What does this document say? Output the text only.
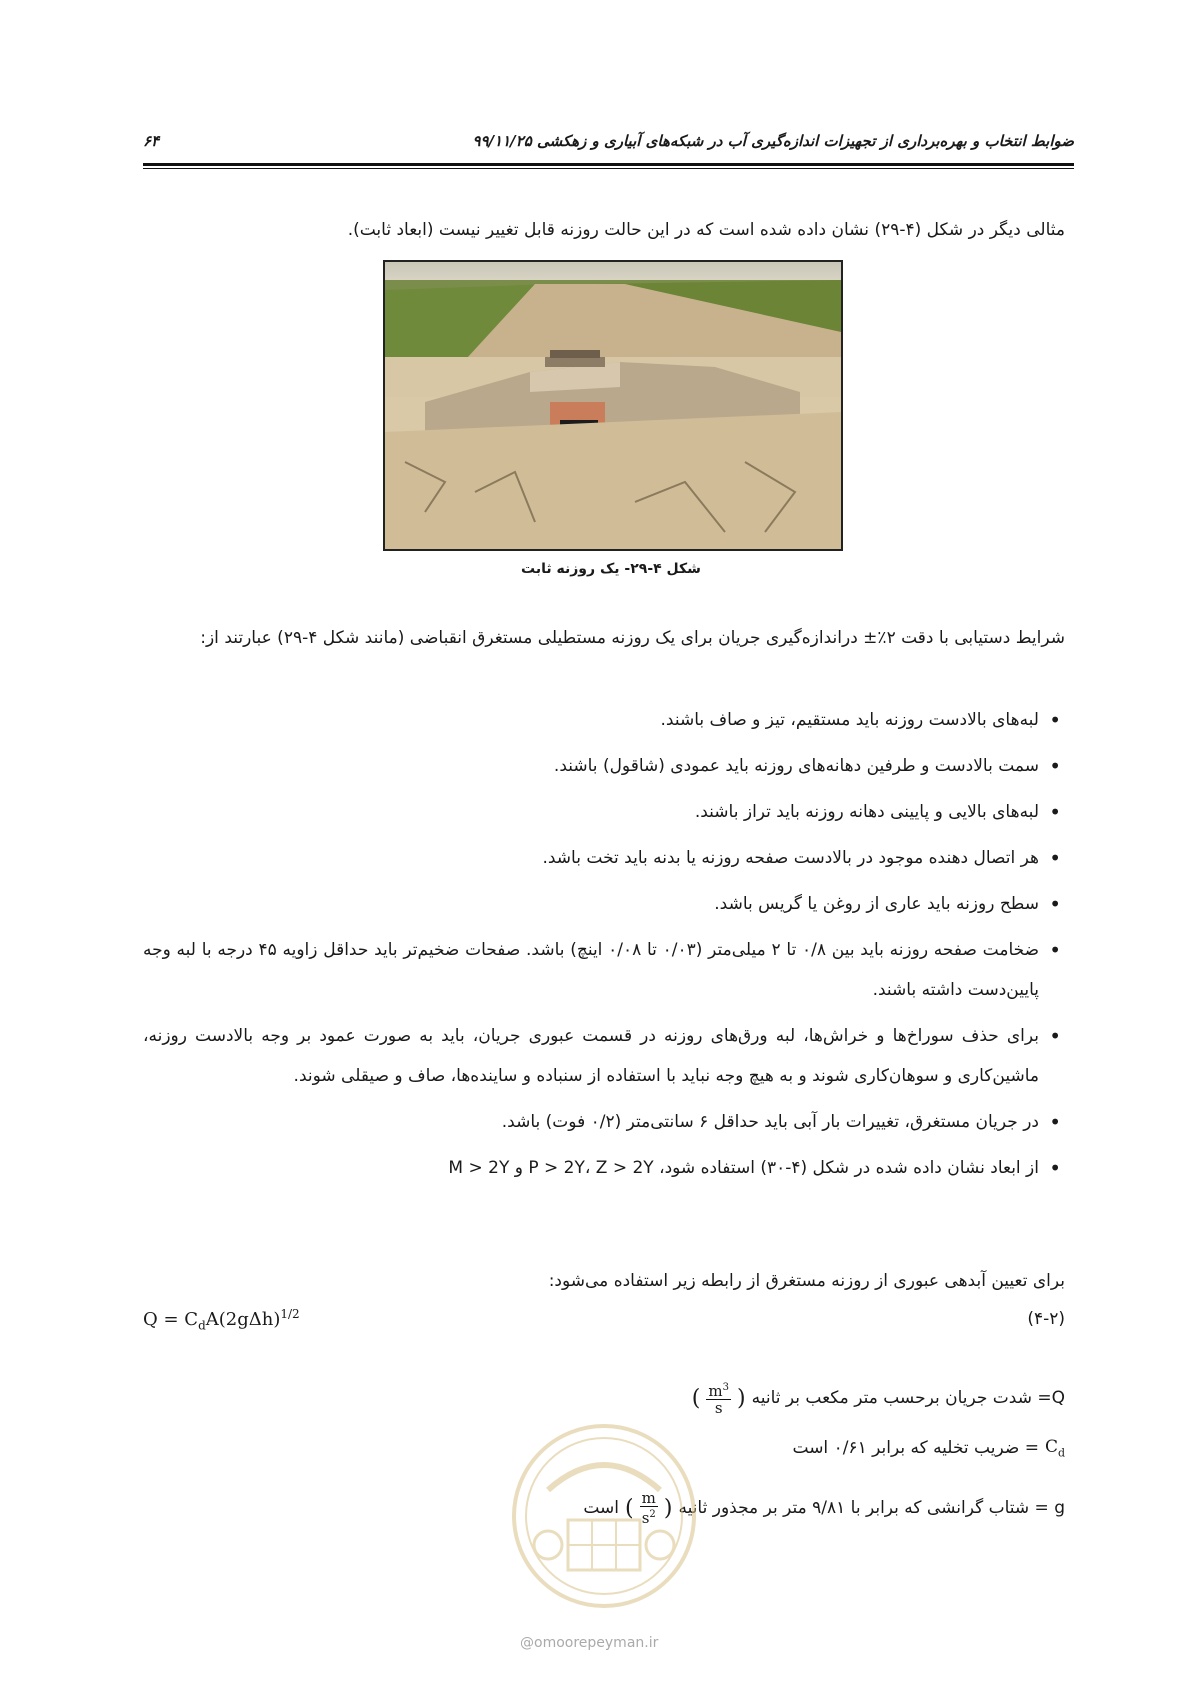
ضوابط انتخاب و بهره‌برداری از تجهیزات اندازه‌گیری آب در شبکه‌های آبیاری و زهکشی ۹۹/۱۱/۲۵
۶۴
مثالی دیگر در شکل (۴-۲۹) نشان داده شده است که در این حالت روزنه قابل تغییر نیست (ابعاد ثابت).
شکل ۴-۲۹- یک روزنه ثابت
شرایط دستیابی با دقت ۲٪± دراندازه‌گیری جریان برای یک روزنه مستطیلی مستغرق انقباضی (مانند شکل ۴-۲۹) عبارتند از:
• لبه‌های بالادست روزنه باید مستقیم، تیز و صاف باشند.
• سمت بالادست و طرفین دهانه‌های روزنه باید عمودی (شاقول) باشند.
• لبه‌های بالایی و پایینی دهانه روزنه باید تراز باشند.
• هر اتصال دهنده موجود در بالادست صفحه روزنه یا بدنه باید تخت باشد.
• سطح روزنه باید عاری از روغن یا گریس باشد.
• ضخامت صفحه روزنه باید بین ۰/۸ تا ۲ میلی‌متر (۰/۰۳ تا ۰/۰۸ اینچ) باشد. صفحات ضخیم‌تر باید حداقل زاویه ۴۵ درجه با لبه وجه پایین‌دست داشته باشند.
• برای حذف سوراخ‌ها و خراش‌ها، لبه ورق‌های روزنه در قسمت عبوری جریان، باید به صورت عمود بر وجه بالادست روزنه، ماشین‌کاری و سوهان‌کاری شوند و به هیچ وجه نباید با استفاده از سنباده و ساینده‌ها، صاف و صیقلی شوند.
• در جریان مستغرق، تغییرات بار آبی باید حداقل ۶ سانتی‌متر (۰/۲ فوت) باشد.
• از ابعاد نشان داده شده در شکل (۴-۳۰) استفاده شود، P > 2Y، Z > 2Y و M > 2Y
برای تعیین آبدهی عبوری از روزنه مستغرق از رابطه زیر استفاده می‌شود:
$Q = C_dA(2g\Delta h)^{1/2}$	(۴-۲)
Q= شدت جریان برحسب متر مکعب بر ثانیه
(
$\frac{m^3}{s}$
)
$C_d$
= ضریب تخلیه که برابر ۰/۶۱ است
g = شتاب گرانشی که برابر با ۹/۸۱ متر بر مجذور ثانیه
(
$\frac{m}{s^2}$
)
است
@omoorepeyman.ir
